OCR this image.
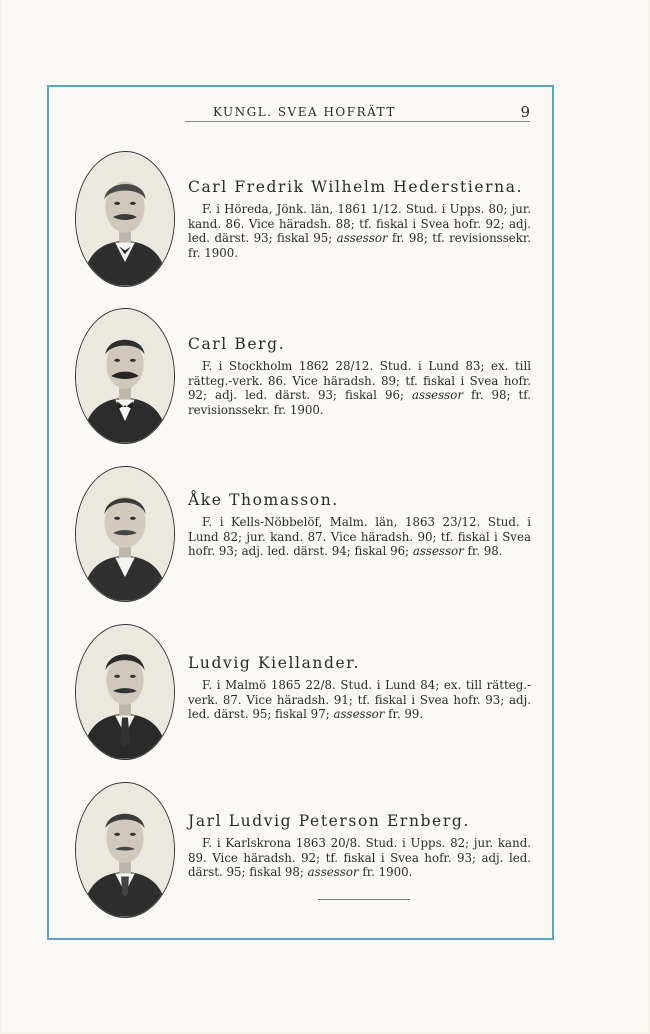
KUNGL. SVEA HOFRÄTT	9
Carl Fredrik Wilhelm Hederstierna.
F. i Höreda, Jönk. län, 1861 1/12. Stud. i Upps. 80; jur. kand. 86. Vice häradsh. 88; tf. fiskal i Svea hofr. 92; adj. led. därst. 93; fiskal 95; assessor fr. 98; tf. revisionssekr. fr. 1900.
Carl Berg.
F. i Stockholm 1862 28/12. Stud. i Lund 83; ex. till rätteg.-verk. 86. Vice häradsh. 89; tf. fiskal i Svea hofr. 92; adj. led. därst. 93; fiskal 96; assessor fr. 98; tf. revisionssekr. fr. 1900.
Åke Thomasson.
F. i Kells-Nöbbelöf, Malm. län, 1863 23/12. Stud. i Lund 82; jur. kand. 87. Vice häradsh. 90; tf. fiskal i Svea hofr. 93; adj. led. därst. 94; fiskal 96; assessor fr. 98.
Ludvig Kiellander.
F. i Malmö 1865 22/8. Stud. i Lund 84; ex. till rätteg.-verk. 87. Vice häradsh. 91; tf. fiskal i Svea hofr. 93; adj. led. därst. 95; fiskal 97; assessor fr. 99.
Jarl Ludvig Peterson Ernberg.
F. i Karlskrona 1863 20/8. Stud. i Upps. 82; jur. kand. 89. Vice häradsh. 92; tf. fiskal i Svea hofr. 93; adj. led. därst. 95; fiskal 98; assessor fr. 1900.
